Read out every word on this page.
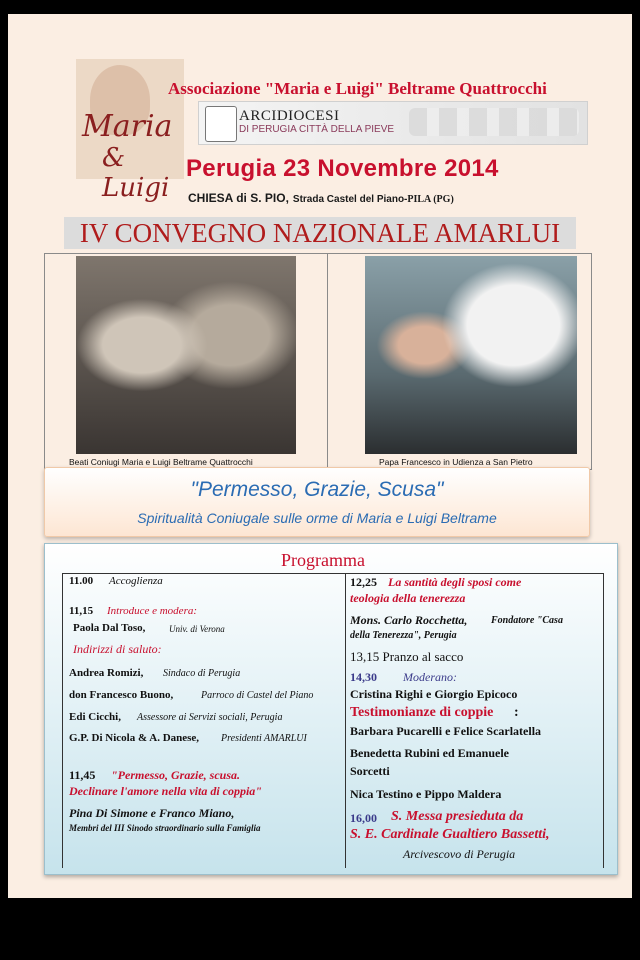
Maria
& Luigi
Associazione "Maria e Luigi" Beltrame Quattrocchi
ARCIDIOCESI
DI PERUGIA CITTÀ DELLA PIEVE
Perugia 23 Novembre 2014
CHIESA di S. PIO, Strada Castel del Piano-PILA (PG)
IV CONVEGNO NAZIONALE AMARLUI
Beati Coniugi Maria e Luigi Beltrame Quattrocchi	Papa Francesco in Udienza a San Pietro
"Permesso, Grazie, Scusa"
Spiritualità Coniugale sulle orme di Maria e Luigi Beltrame
Programma
11.00 Accoglienza
11,15 Introduce e modera:
Paola Dal Toso,	Univ. di Verona
Indirizzi di saluto:
Andrea Romizi, Sindaco di Perugia
don Francesco Buono,	Parroco di Castel del Piano
Edi Cicchi, Assessore ai Servizi sociali, Perugia
G.P. Di Nicola & A. Danese, Presidenti AMARLUI
11,45 "Permesso, Grazie, scusa.
Declinare l'amore nella vita di coppia"
Pina Di Simone e Franco Miano,
Membri del III Sinodo straordinario sulla Famiglia
12,25 La santità degli sposi come
teologia della tenerezza
Mons. Carlo Rocchetta, Fondatore "Casa
della Tenerezza", Perugia
13,15 Pranzo al sacco
14,30 Moderano:
Cristina Righi e Giorgio Epicoco
Testimonianze di coppie :
Barbara Pucarelli e Felice Scarlatella
Benedetta Rubini ed Emanuele
Sorcetti
Nica Testino e Pippo Maldera
16,00 S. Messa presieduta da
S. E. Cardinale Gualtiero Bassetti,
Arcivescovo di Perugia
